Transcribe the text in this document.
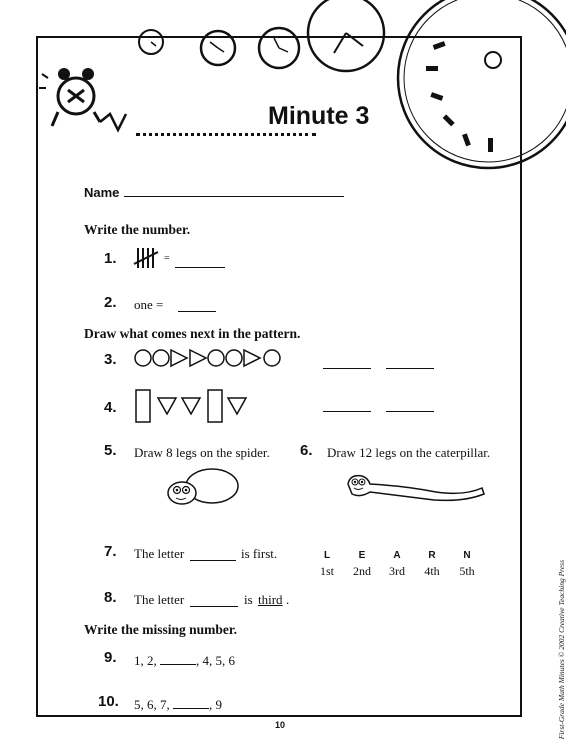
Minute 3
Name
Write the number.
1.	=
2. one =
Draw what comes next in the pattern.
3.
4.
5. Draw 8 legs on the spider. 6. Draw 12 legs on the caterpillar.
7. The letter	is first.	L	E	A	R	N
1st	2nd	3rd	4th	5th
8. The letter	is third .
Write the missing number.
9. 1, 2,	, 4, 5, 6
10. 5, 6, 7,	, 9
10	First-Grade Math Minutes © 2002 Creative Teaching Press
